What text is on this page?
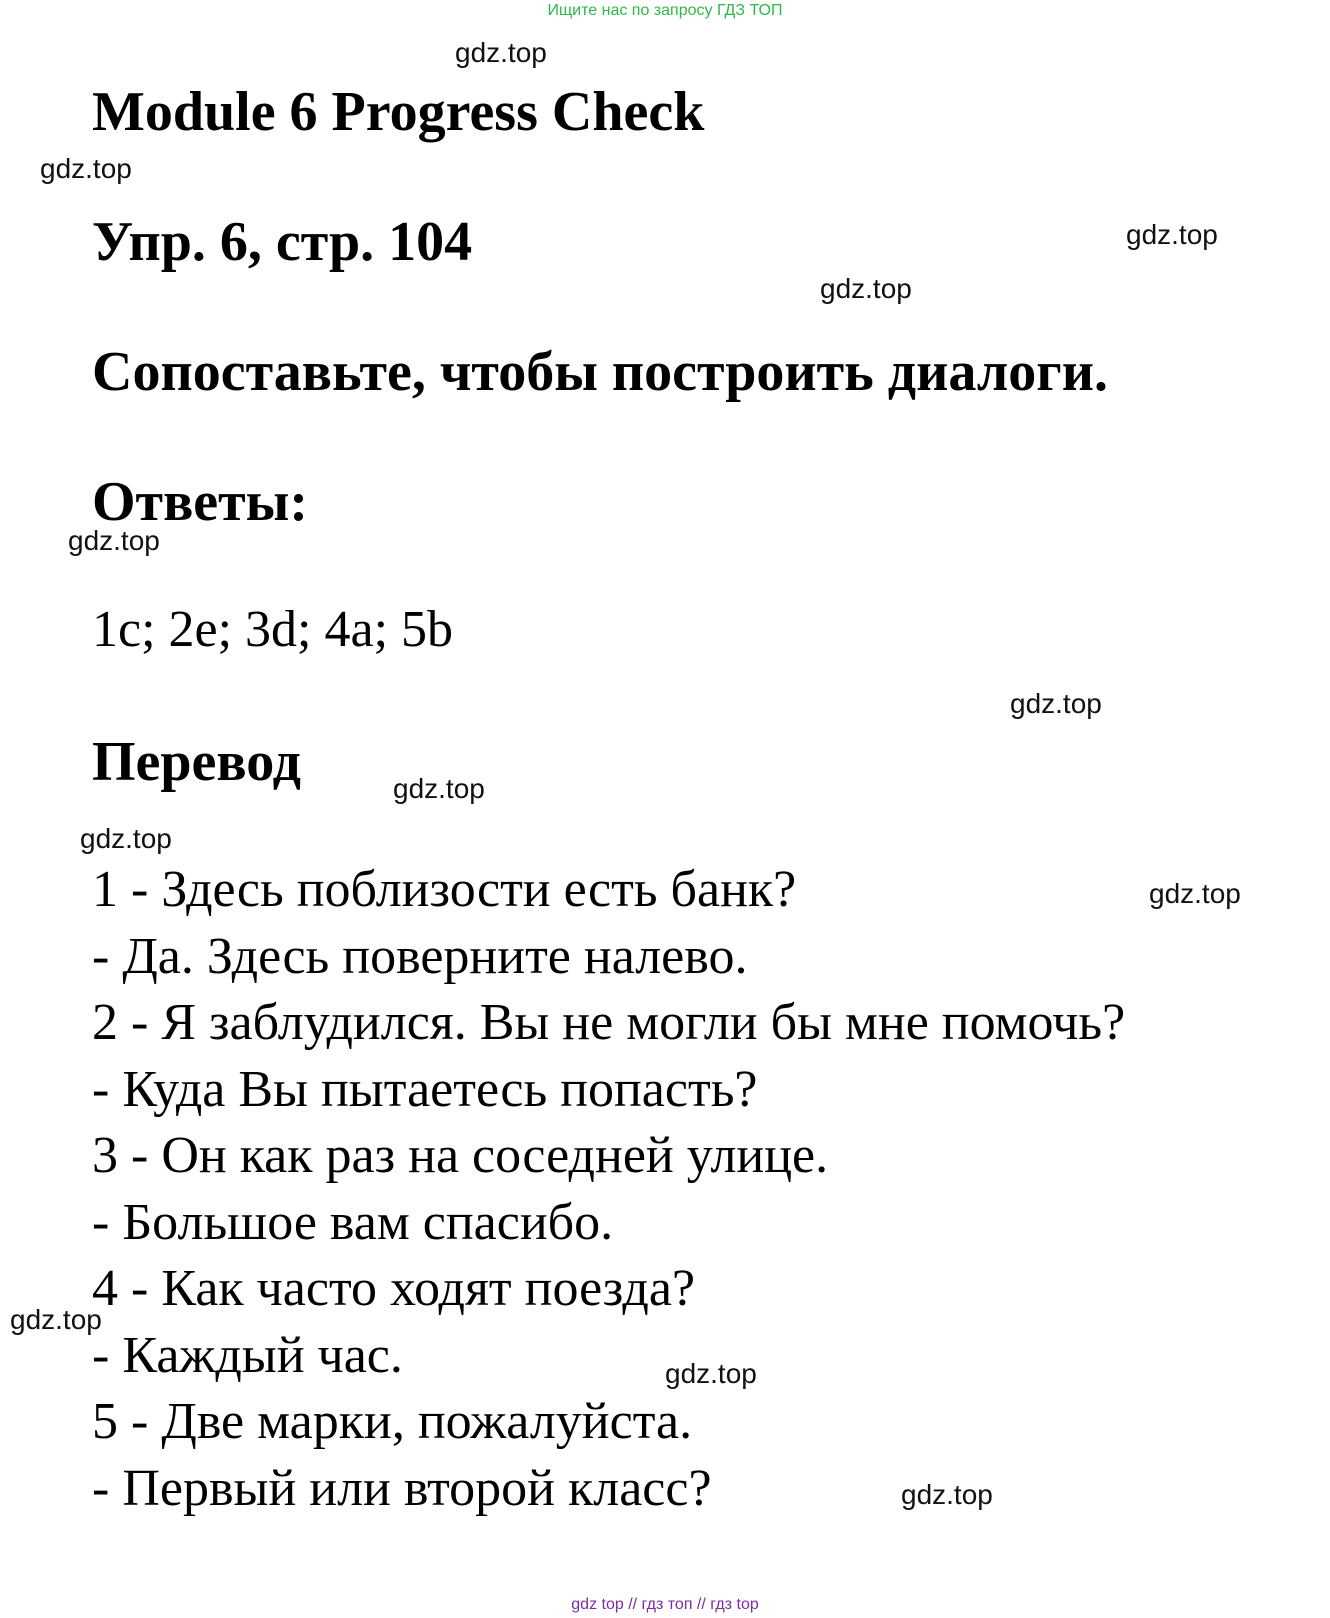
Ищите нас по запросу ГДЗ ТОП
Module 6 Progress Check
Упр. 6, стр. 104
Сопоставьте, чтобы построить диалоги.
Ответы:
1c; 2e; 3d; 4a; 5b
Перевод
1 - Здесь поблизости есть банк?
- Да. Здесь поверните налево.
2 - Я заблудился. Вы не могли бы мне помочь?
- Куда Вы пытаетесь попасть?
3 - Он как раз на соседней улице.
- Большое вам спасибо.
4 - Как часто ходят поезда?
- Каждый час.
5 - Две марки, пожалуйста.
- Первый или второй класс?
gdz.top
gdz.top
gdz.top
gdz.top
gdz.top
gdz.top
gdz.top
gdz.top
gdz.top
gdz.top
gdz.top
gdz.top
gdz top // гдз топ // гдз top
